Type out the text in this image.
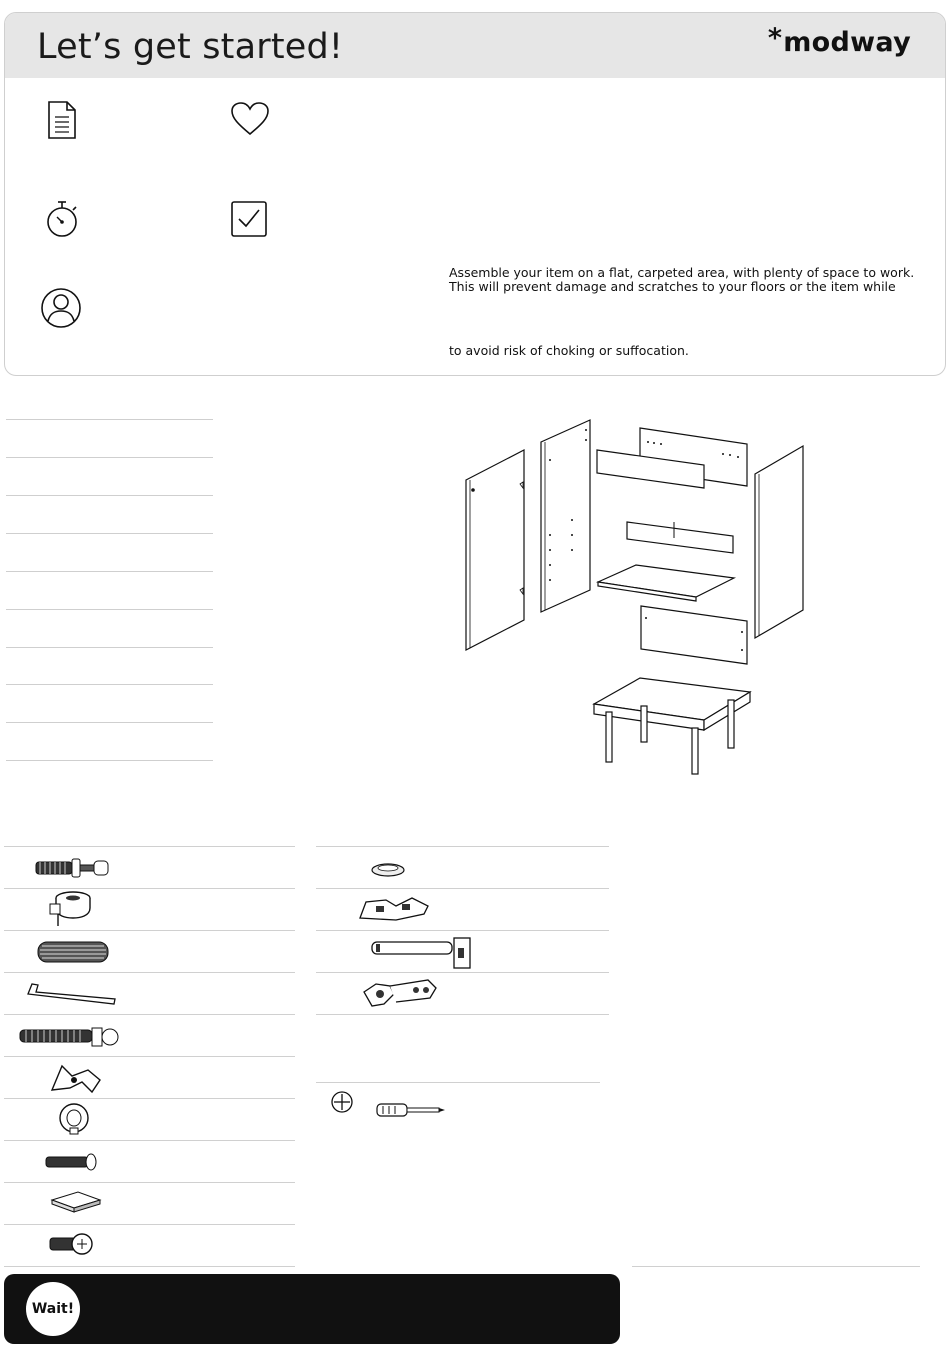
Let’s get started!	*modway
Assemble your item on a flat, carpeted area, with plenty of space to work.
This will prevent damage and scratches to your floors or the item while
to avoid risk of choking or suffocation.
Wait!
